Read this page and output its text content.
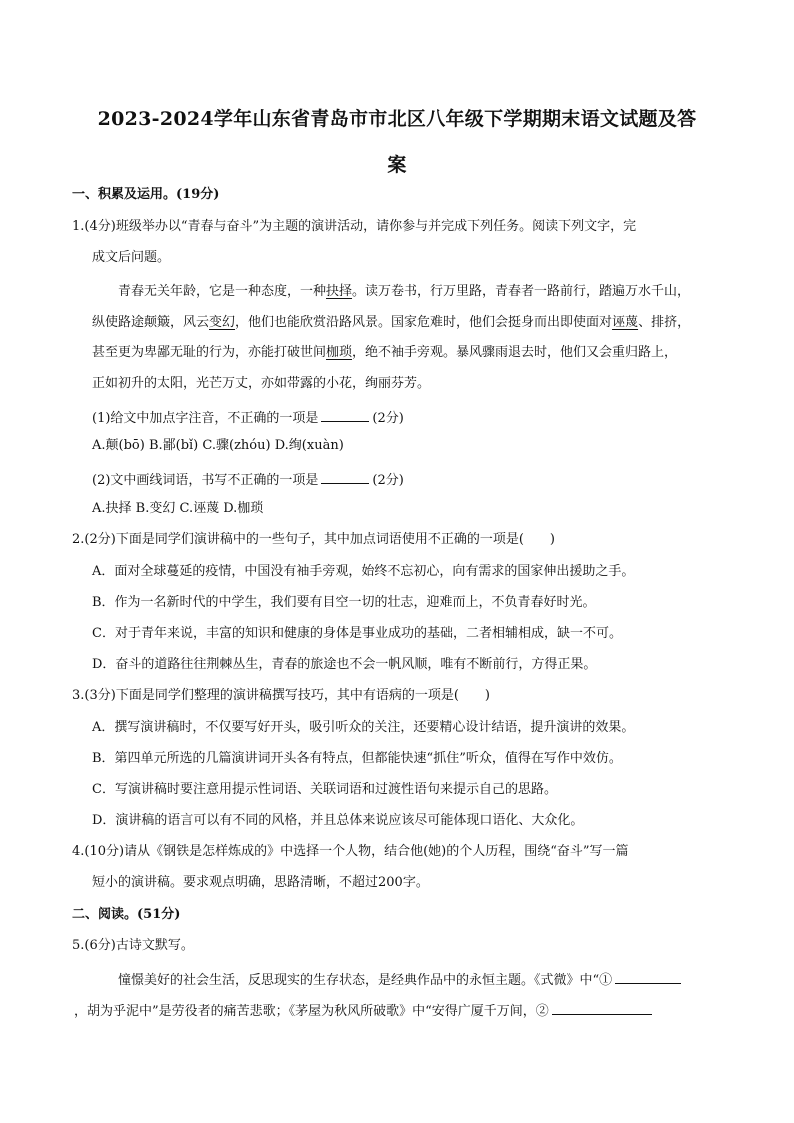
2023-2024学年山东省青岛市市北区八年级下学期期末语文试题及答
案
一、积累及运用。(19分)
1.(4分)班级举办以“青春与奋斗”为主题的演讲活动，请你参与并完成下列任务。阅读下列文字，完
成文后问题。
青春无关年龄，它是一种态度，一种抉择。读万卷书，行万里路，青春者一路前行，踏遍万水千山，
纵使路途颠簸，风云变幻，他们也能欣赏沿路风景。国家危难时，他们会挺身而出即使面对诬蔑、排挤，
甚至更为卑鄙无耻的行为，亦能打破世间枷琐，绝不袖手旁观。暴风骤雨退去时，他们又会重归路上，
正如初升的太阳，光芒万丈，亦如带露的小花，绚丽芬芳。
(1)给文中加点字注音，不正确的一项是	(2分)
A.颠(bō) B.鄙(bǐ) C.骤(zhóu) D.绚(xuàn)
(2)文中画线词语，书写不正确的一项是	(2分)
A.抉择 B.变幻 C.诬蔑 D.枷琐
2.(2分)下面是同学们演讲稿中的一些句子，其中加点词语使用不正确的一项是(　　)
A．面对全球蔓延的疫情，中国没有袖手旁观，始终不忘初心，向有需求的国家伸出援助之手。
B．作为一名新时代的中学生，我们要有目空一切的壮志，迎难而上，不负青春好时光。
C．对于青年来说，丰富的知识和健康的身体是事业成功的基础，二者相辅相成，缺一不可。
D．奋斗的道路往往荆棘丛生，青春的旅途也不会一帆风顺，唯有不断前行，方得正果。
3.(3分)下面是同学们整理的演讲稿撰写技巧，其中有语病的一项是(　　)
A．撰写演讲稿时，不仅要写好开头，吸引听众的关注，还要精心设计结语，提升演讲的效果。
B．第四单元所选的几篇演讲词开头各有特点，但都能快速“抓住”听众，值得在写作中效仿。
C．写演讲稿时要注意用提示性词语、关联词语和过渡性语句来提示自己的思路。
D．演讲稿的语言可以有不同的风格，并且总体来说应该尽可能体现口语化、大众化。
4.(10分)请从《钢铁是怎样炼成的》中选择一个人物，结合他(她)的个人历程，围绕“奋斗”写一篇
短小的演讲稿。要求观点明确，思路清晰，不超过200字。
二、阅读。(51分)
5.(6分)古诗文默写。
憧憬美好的社会生活，反思现实的生存状态，是经典作品中的永恒主题。《式微》中“①
，胡为乎泥中”是劳役者的痛苦悲歌；《茅屋为秋风所破歌》中“安得广厦千万间，②
